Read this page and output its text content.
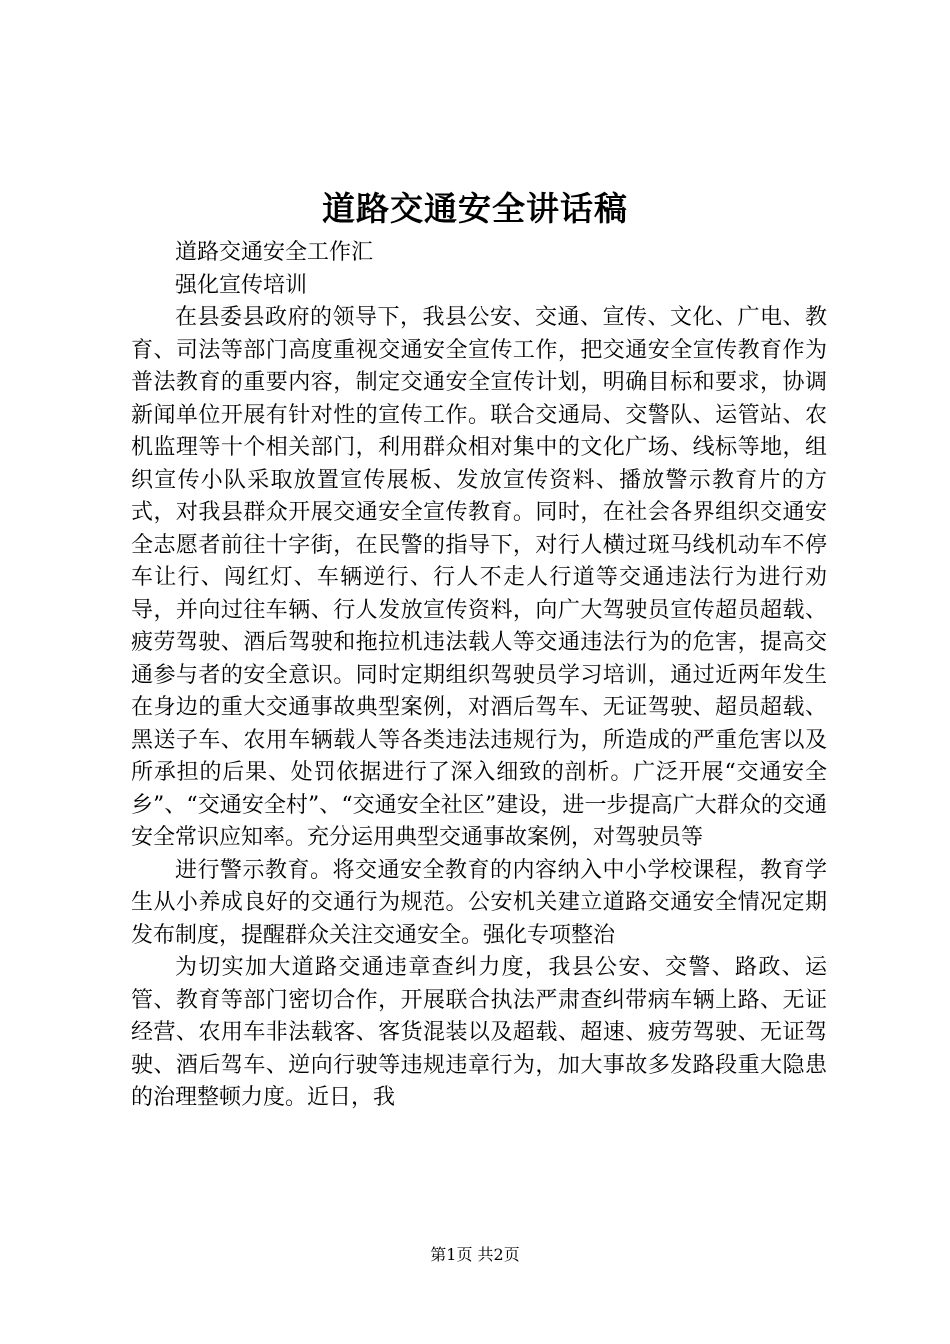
道路交通安全讲话稿

道路交通安全工作汇

强化宣传培训

在县委县政府的领导下，我县公安、交通、宣传、文化、广电、教育、司法等部门高度重视交通安全宣传工作，把交通安全宣传教育作为普法教育的重要内容，制定交通安全宣传计划，明确目标和要求，协调新闻单位开展有针对性的宣传工作。联合交通局、交警队、运管站、农机监理等十个相关部门，利用群众相对集中的文化广场、线标等地，组织宣传小队采取放置宣传展板、发放宣传资料、播放警示教育片的方式，对我县群众开展交通安全宣传教育。同时，在社会各界组织交通安全志愿者前往十字街，在民警的指导下，对行人横过斑马线机动车不停车让行、闯红灯、车辆逆行、行人不走人行道等交通违法行为进行劝导，并向过往车辆、行人发放宣传资料，向广大驾驶员宣传超员超载、疲劳驾驶、酒后驾驶和拖拉机违法载人等交通违法行为的危害，提高交通参与者的安全意识。同时定期组织驾驶员学习培训，通过近两年发生在身边的重大交通事故典型案例，对酒后驾车、无证驾驶、超员超载、黑送子车、农用车辆载人等各类违法违规行为，所造成的严重危害以及所承担的后果、处罚依据进行了深入细致的剖析。广泛开展“交通安全乡”、“交通安全村”、“交通安全社区”建设，进一步提高广大群众的交通安全常识应知率。充分运用典型交通事故案例，对驾驶员等

进行警示教育。将交通安全教育的内容纳入中小学校课程，教育学生从小养成良好的交通行为规范。公安机关建立道路交通安全情况定期发布制度，提醒群众关注交通安全。强化专项整治

为切实加大道路交通违章查纠力度，我县公安、交警、路政、运管、教育等部门密切合作，开展联合执法严肃查纠带病车辆上路、无证经营、农用车非法载客、客货混装以及超载、超速、疲劳驾驶、无证驾驶、酒后驾车、逆向行驶等违规违章行为，加大事故多发路段重大隐患的治理整顿力度。近日，我

第1页 共2页
